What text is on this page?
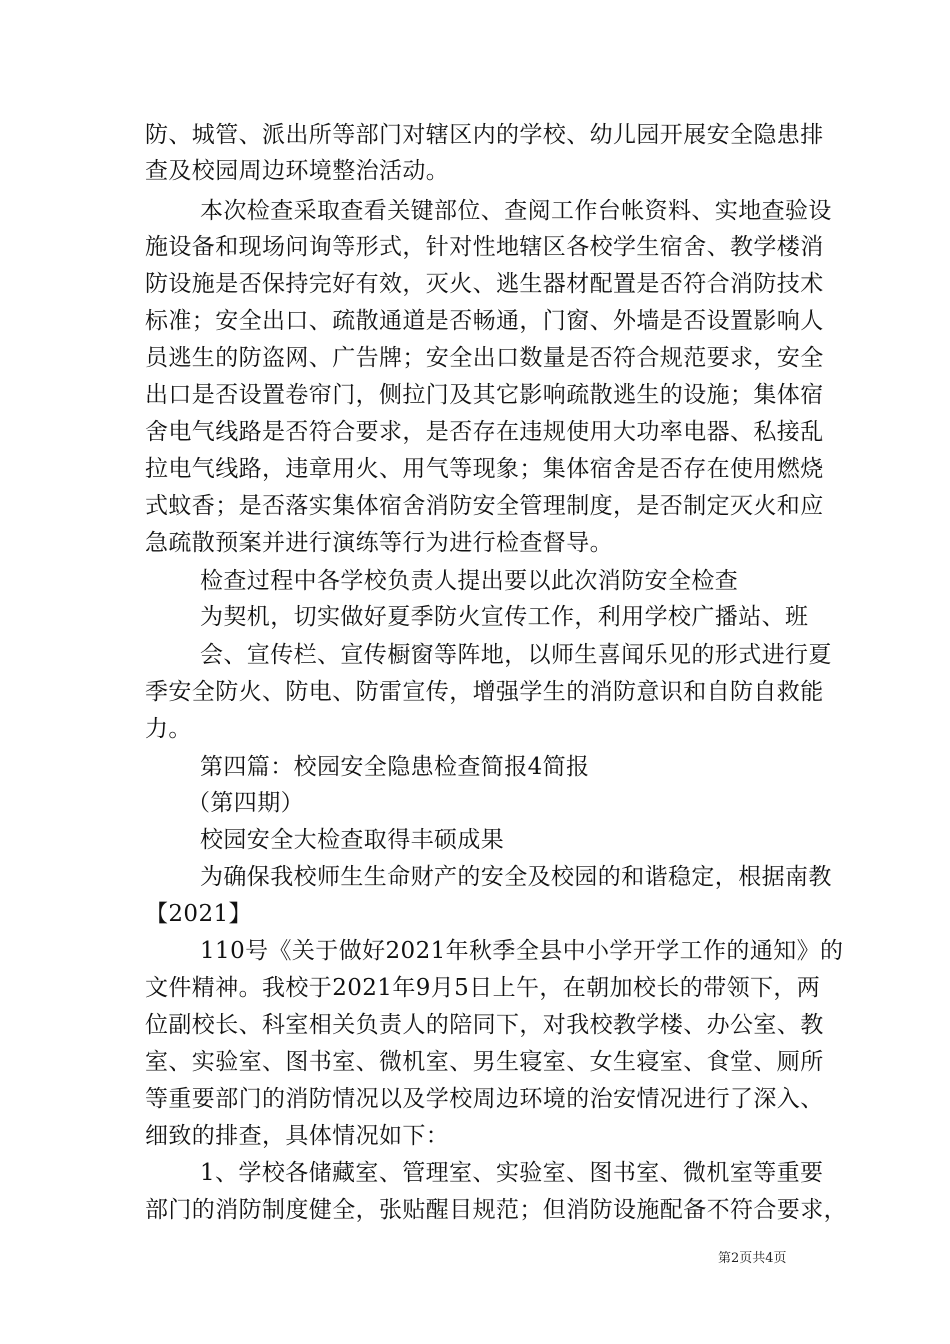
防、城管、派出所等部门对辖区内的学校、幼儿园开展安全隐患排

查及校园周边环境整治活动。

本次检查采取查看关键部位、查阅工作台帐资料、实地查验设

施设备和现场问询等形式，针对性地辖区各校学生宿舍、教学楼消

防设施是否保持完好有效，灭火、逃生器材配置是否符合消防技术

标准；安全出口、疏散通道是否畅通，门窗、外墙是否设置影响人

员逃生的防盗网、广告牌；安全出口数量是否符合规范要求，安全

出口是否设置卷帘门，侧拉门及其它影响疏散逃生的设施；集体宿

舍电气线路是否符合要求，是否存在违规使用大功率电器、私接乱

拉电气线路，违章用火、用气等现象；集体宿舍是否存在使用燃烧

式蚊香；是否落实集体宿舍消防安全管理制度，是否制定灭火和应

急疏散预案并进行演练等行为进行检查督导。

检查过程中各学校负责人提出要以此次消防安全检查

为契机，切实做好夏季防火宣传工作，利用学校广播站、班

会、宣传栏、宣传橱窗等阵地，以师生喜闻乐见的形式进行夏

季安全防火、防电、防雷宣传，增强学生的消防意识和自防自救能

力。

第四篇：校园安全隐患检查简报4简报

（第四期）

校园安全大检查取得丰硕成果

为确保我校师生生命财产的安全及校园的和谐稳定，根据南教

【2021】

110号《关于做好2021年秋季全县中小学开学工作的通知》的

文件精神。我校于2021年9月5日上午，在朝加校长的带领下，两

位副校长、科室相关负责人的陪同下，对我校教学楼、办公室、教

室、实验室、图书室、微机室、男生寝室、女生寝室、食堂、厕所

等重要部门的消防情况以及学校周边环境的治安情况进行了深入、

细致的排查，具体情况如下：

1、学校各储藏室、管理室、实验室、图书室、微机室等重要

部门的消防制度健全，张贴醒目规范；但消防设施配备不符合要求，

第2页共4页
